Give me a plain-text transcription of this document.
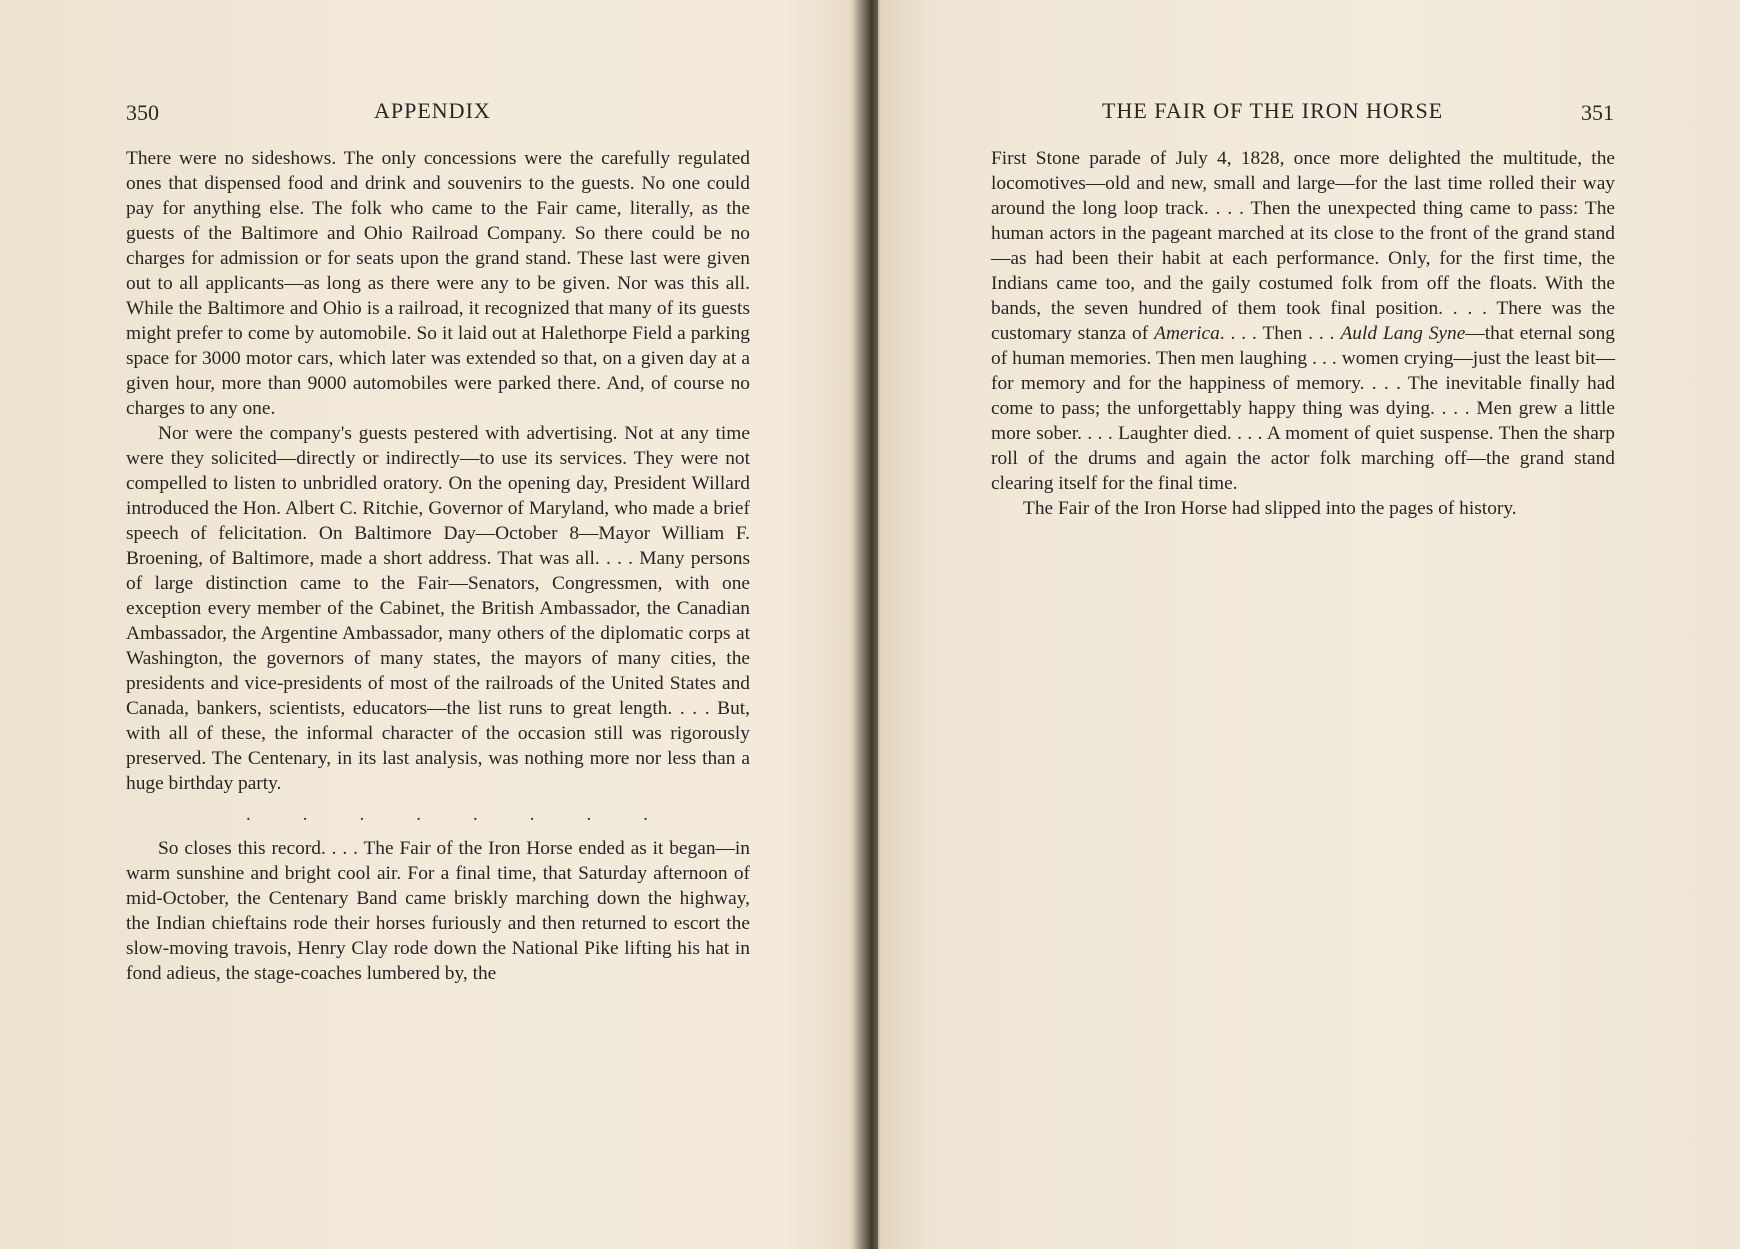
350	APPENDIX

There were no sideshows. The only concessions were the carefully regulated ones that dispensed food and drink and souvenirs to the guests. No one could pay for anything else. The folk who came to the Fair came, literally, as the guests of the Baltimore and Ohio Railroad Company. So there could be no charges for admission or for seats upon the grand stand. These last were given out to all applicants—as long as there were any to be given. Nor was this all. While the Baltimore and Ohio is a railroad, it recognized that many of its guests might prefer to come by automobile. So it laid out at Halethorpe Field a parking space for 3000 motor cars, which later was extended so that, on a given day at a given hour, more than 9000 automobiles were parked there. And, of course no charges to any one.

Nor were the company's guests pestered with advertising. Not at any time were they solicited—directly or indirectly—to use its services. They were not compelled to listen to unbridled oratory. On the opening day, President Willard introduced the Hon. Albert C. Ritchie, Governor of Maryland, who made a brief speech of felicitation. On Baltimore Day—October 8—Mayor William F. Broening, of Baltimore, made a short address. That was all. . . . Many persons of large distinction came to the Fair—Senators, Congressmen, with one exception every member of the Cabinet, the British Ambassador, the Canadian Ambassador, the Argentine Ambassador, many others of the diplomatic corps at Washington, the governors of many states, the mayors of many cities, the presidents and vice-presidents of most of the railroads of the United States and Canada, bankers, scientists, educators—the list runs to great length. . . . But, with all of these, the informal character of the occasion still was rigorously preserved. The Centenary, in its last analysis, was nothing more nor less than a huge birthday party.

........

So closes this record. . . . The Fair of the Iron Horse ended as it began—in warm sunshine and bright cool air. For a final time, that Saturday afternoon of mid-October, the Centenary Band came briskly marching down the highway, the Indian chieftains rode their horses furiously and then returned to escort the slow-moving travois, Henry Clay rode down the National Pike lifting his hat in fond adieus, the stage-coaches lumbered by, the

THE FAIR OF THE IRON HORSE	351

First Stone parade of July 4, 1828, once more delighted the multitude, the locomotives—old and new, small and large—for the last time rolled their way around the long loop track. . . . Then the unexpected thing came to pass: The human actors in the pageant marched at its close to the front of the grand stand—as had been their habit at each performance. Only, for the first time, the Indians came too, and the gaily costumed folk from off the floats. With the bands, the seven hundred of them took final position. . . . There was the customary stanza of America. . . . Then . . . Auld Lang Syne—that eternal song of human memories. Then men laughing . . . women crying—just the least bit—for memory and for the happiness of memory. . . . The inevitable finally had come to pass; the unforgettably happy thing was dying. . . . Men grew a little more sober. . . . Laughter died. . . . A moment of quiet suspense. Then the sharp roll of the drums and again the actor folk marching off—the grand stand clearing itself for the final time.

The Fair of the Iron Horse had slipped into the pages of history.
